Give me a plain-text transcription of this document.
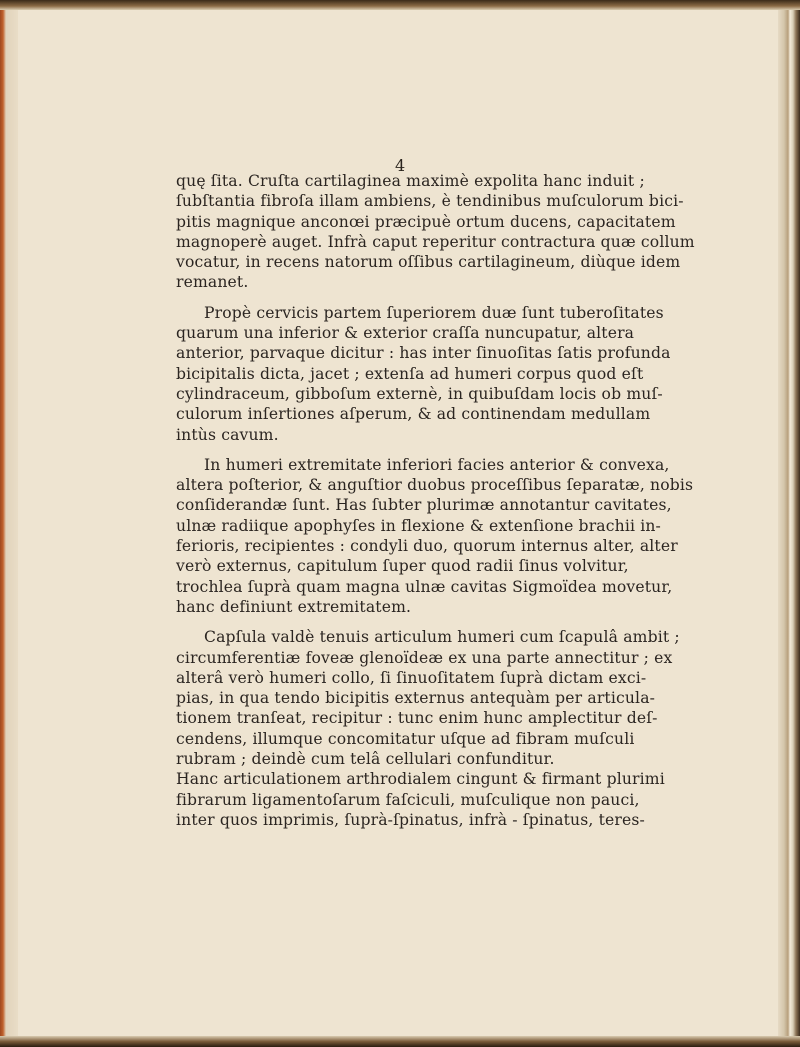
4

quę ſita. Cruſta cartilaginea maximè expolita hanc induit ;
ſubſtantia fibroſa illam ambiens, è tendinibus muſculorum bici-
pitis magnique anconœi præcipuè ortum ducens, capacitatem
magnoperè auget. Infrà caput reperitur contractura quæ collum
vocatur, in recens natorum oſſibus cartilagineum, diùque idem
remanet.

Propè cervicis partem ſuperiorem duæ ſunt tuberoſitates
quarum una inferior & exterior craſſa nuncupatur, altera
anterior, parvaque dicitur : has inter ſinuoſitas ſatis profunda
bicipitalis dicta, jacet ; extenſa ad humeri corpus quod eſt
cylindraceum, gibboſum externè, in quibuſdam locis ob muſ-
culorum inſertiones aſperum, & ad continendam medullam
intùs cavum.

In humeri extremitate inferiori facies anterior & convexa,
altera poſterior, & anguſtior duobus proceſſibus ſeparatæ, nobis
conſiderandæ ſunt. Has ſubter plurimæ annotantur cavitates,
ulnæ radiique apophyſes in flexione & extenſione brachii in-
ferioris, recipientes : condyli duo, quorum internus alter, alter
verò externus, capitulum ſuper quod radii ſinus volvitur,
trochlea ſuprà quam magna ulnæ cavitas Sigmoïdea movetur,
hanc definiunt extremitatem.

Capſula valdè tenuis articulum humeri cum ſcapulâ ambit ;
circumferentiæ foveæ glenoïdeæ ex una parte annectitur ; ex
alterâ verò humeri collo, ſi ſinuoſitatem ſuprà dictam exci-
pias, in qua tendo bicipitis externus antequàm per articula-
tionem tranſeat, recipitur : tunc enim hunc amplectitur deſ-
cendens, illumque concomitatur uſque ad fibram muſculi
rubram ; deindè cum telâ cellulari confunditur.
Hanc articulationem arthrodialem cingunt & firmant plurimi
fibrarum ligamentoſarum faſciculi, muſculique non pauci,
inter quos imprimis, ſuprà-ſpinatus, infrà - ſpinatus, teres-
